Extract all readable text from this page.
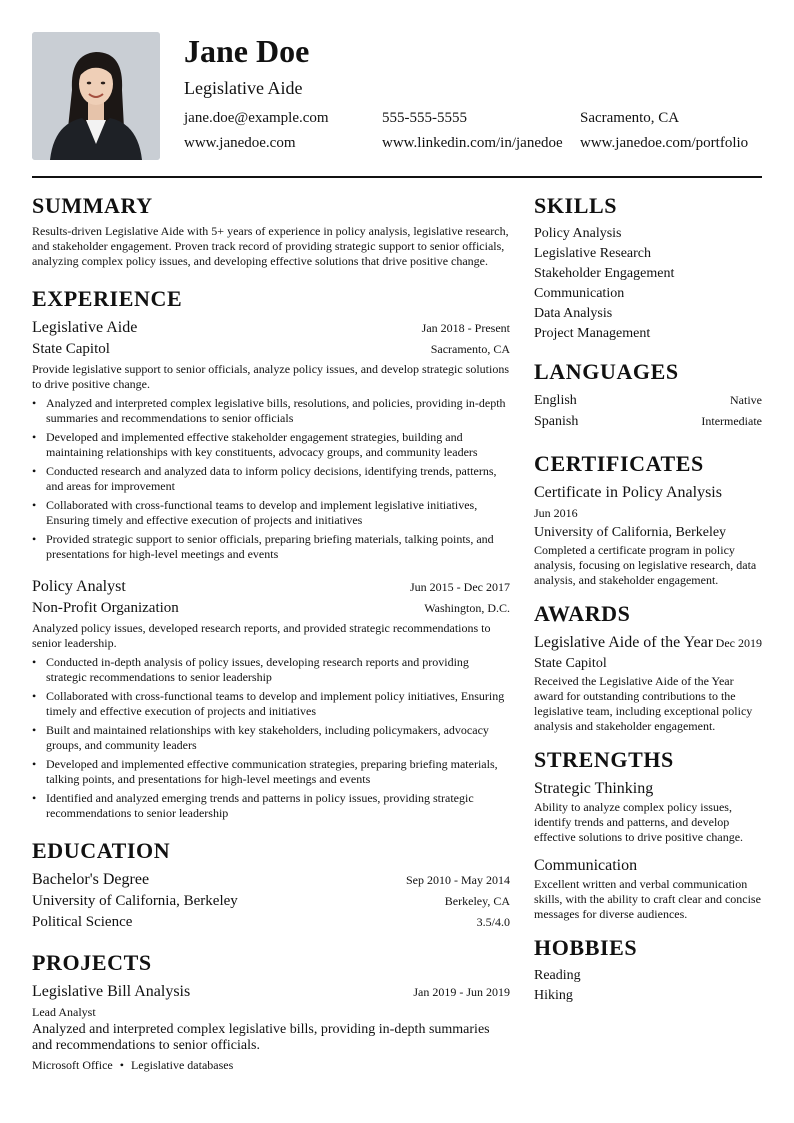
Jane Doe
Legislative Aide
jane.doe@example.com	555-555-5555	Sacramento, CA
www.janedoe.com	www.linkedin.com/in/janedoe www.janedoe.com/portfolio
SUMMARY
Results-driven Legislative Aide with 5+ years of experience in policy analysis, legislative research, and stakeholder engagement. Proven track record of providing strategic support to senior officials, analyzing complex policy issues, and developing effective solutions that drive positive change.
EXPERIENCE
Legislative Aide	Jan 2018 - Present
State Capitol	Sacramento, CA
Provide legislative support to senior officials, analyze policy issues, and develop strategic solutions to drive positive change.
• Analyzed and interpreted complex legislative bills, resolutions, and policies, providing in-depth summaries and recommendations to senior officials
• Developed and implemented effective stakeholder engagement strategies, building and maintaining relationships with key constituents, advocacy groups, and community leaders
• Conducted research and analyzed data to inform policy decisions, identifying trends, patterns, and areas for improvement
• Collaborated with cross-functional teams to develop and implement legislative initiatives, Ensuring timely and effective execution of projects and initiatives
• Provided strategic support to senior officials, preparing briefing materials, talking points, and presentations for high-level meetings and events
Policy Analyst	Jun 2015 - Dec 2017
Non-Profit Organization	Washington, D.C.
Analyzed policy issues, developed research reports, and provided strategic recommendations to senior leadership.
• Conducted in-depth analysis of policy issues, developing research reports and providing strategic recommendations to senior leadership
• Collaborated with cross-functional teams to develop and implement policy initiatives, Ensuring timely and effective execution of projects and initiatives
• Built and maintained relationships with key stakeholders, including policymakers, advocacy groups, and community leaders
• Developed and implemented effective communication strategies, preparing briefing materials, talking points, and presentations for high-level meetings and events
• Identified and analyzed emerging trends and patterns in policy issues, providing strategic recommendations to senior leadership
EDUCATION
Bachelor's Degree	Sep 2010 - May 2014
University of California, Berkeley	Berkeley, CA
Political Science	3.5/4.0
PROJECTS
Legislative Bill Analysis	Jan 2019 - Jun 2019
Lead Analyst
Analyzed and interpreted complex legislative bills, providing in-depth summaries and recommendations to senior officials.
Microsoft Office • Legislative databases
SKILLS
Policy Analysis
Legislative Research
Stakeholder Engagement
Communication
Data Analysis
Project Management
LANGUAGES
English	Native
Spanish	Intermediate
CERTIFICATES
Certificate in Policy Analysis
Jun 2016
University of California, Berkeley
Completed a certificate program in policy analysis, focusing on legislative research, data analysis, and stakeholder engagement.
AWARDS
Legislative Aide of the Year Dec 2019
State Capitol
Received the Legislative Aide of the Year award for outstanding contributions to the legislative team, including exceptional policy analysis and stakeholder engagement.
STRENGTHS
Strategic Thinking
Ability to analyze complex policy issues, identify trends and patterns, and develop effective solutions to drive positive change.
Communication
Excellent written and verbal communication skills, with the ability to craft clear and concise messages for diverse audiences.
HOBBIES
Reading
Hiking
